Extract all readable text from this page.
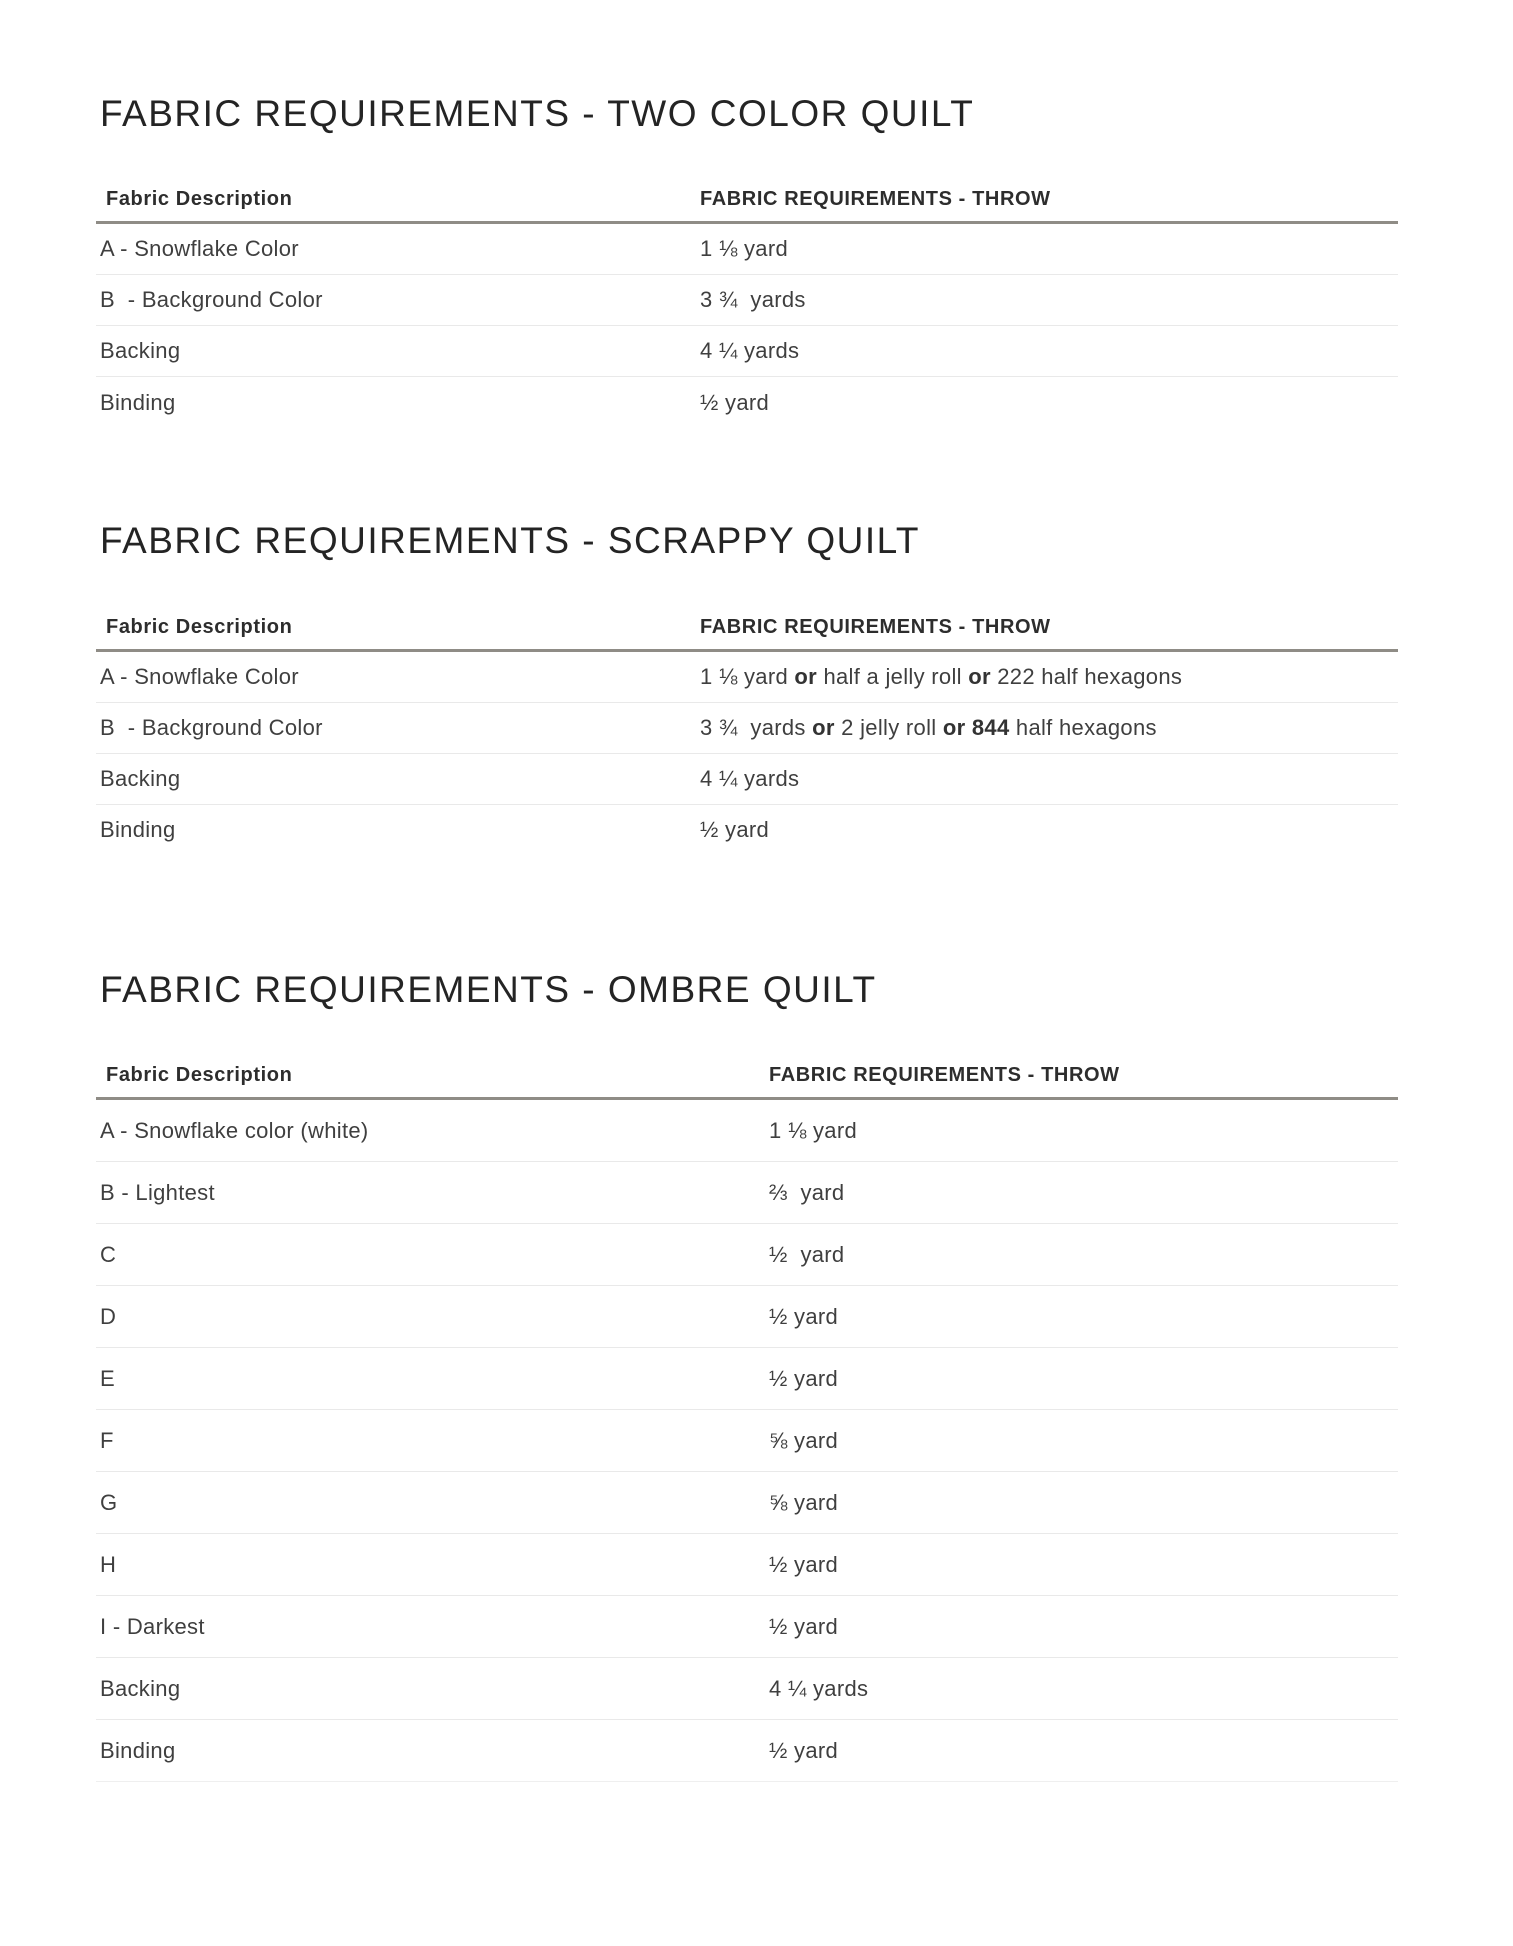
FABRIC REQUIREMENTS - TWO COLOR QUILT
Fabric Description	FABRIC REQUIREMENTS - THROW
A - Snowflake Color	1 ⅛ yard
B  - Background Color	3 ¾  yards
Backing	4 ¼ yards
Binding	½ yard
FABRIC REQUIREMENTS - SCRAPPY QUILT
Fabric Description	FABRIC REQUIREMENTS - THROW
A - Snowflake Color	1 ⅛ yard or half a jelly roll or 222 half hexagons
B  - Background Color	3 ¾  yards or 2 jelly roll or 844 half hexagons
Backing	4 ¼ yards
Binding	½ yard
FABRIC REQUIREMENTS - OMBRE QUILT
Fabric Description	FABRIC REQUIREMENTS - THROW
A - Snowflake color (white)	1 ⅛ yard
B - Lightest	⅔  yard
C	½  yard
D	½ yard
E	½ yard
F	⅝ yard
G	⅝ yard
H	½ yard
I - Darkest	½ yard
Backing	4 ¼ yards
Binding	½ yard
